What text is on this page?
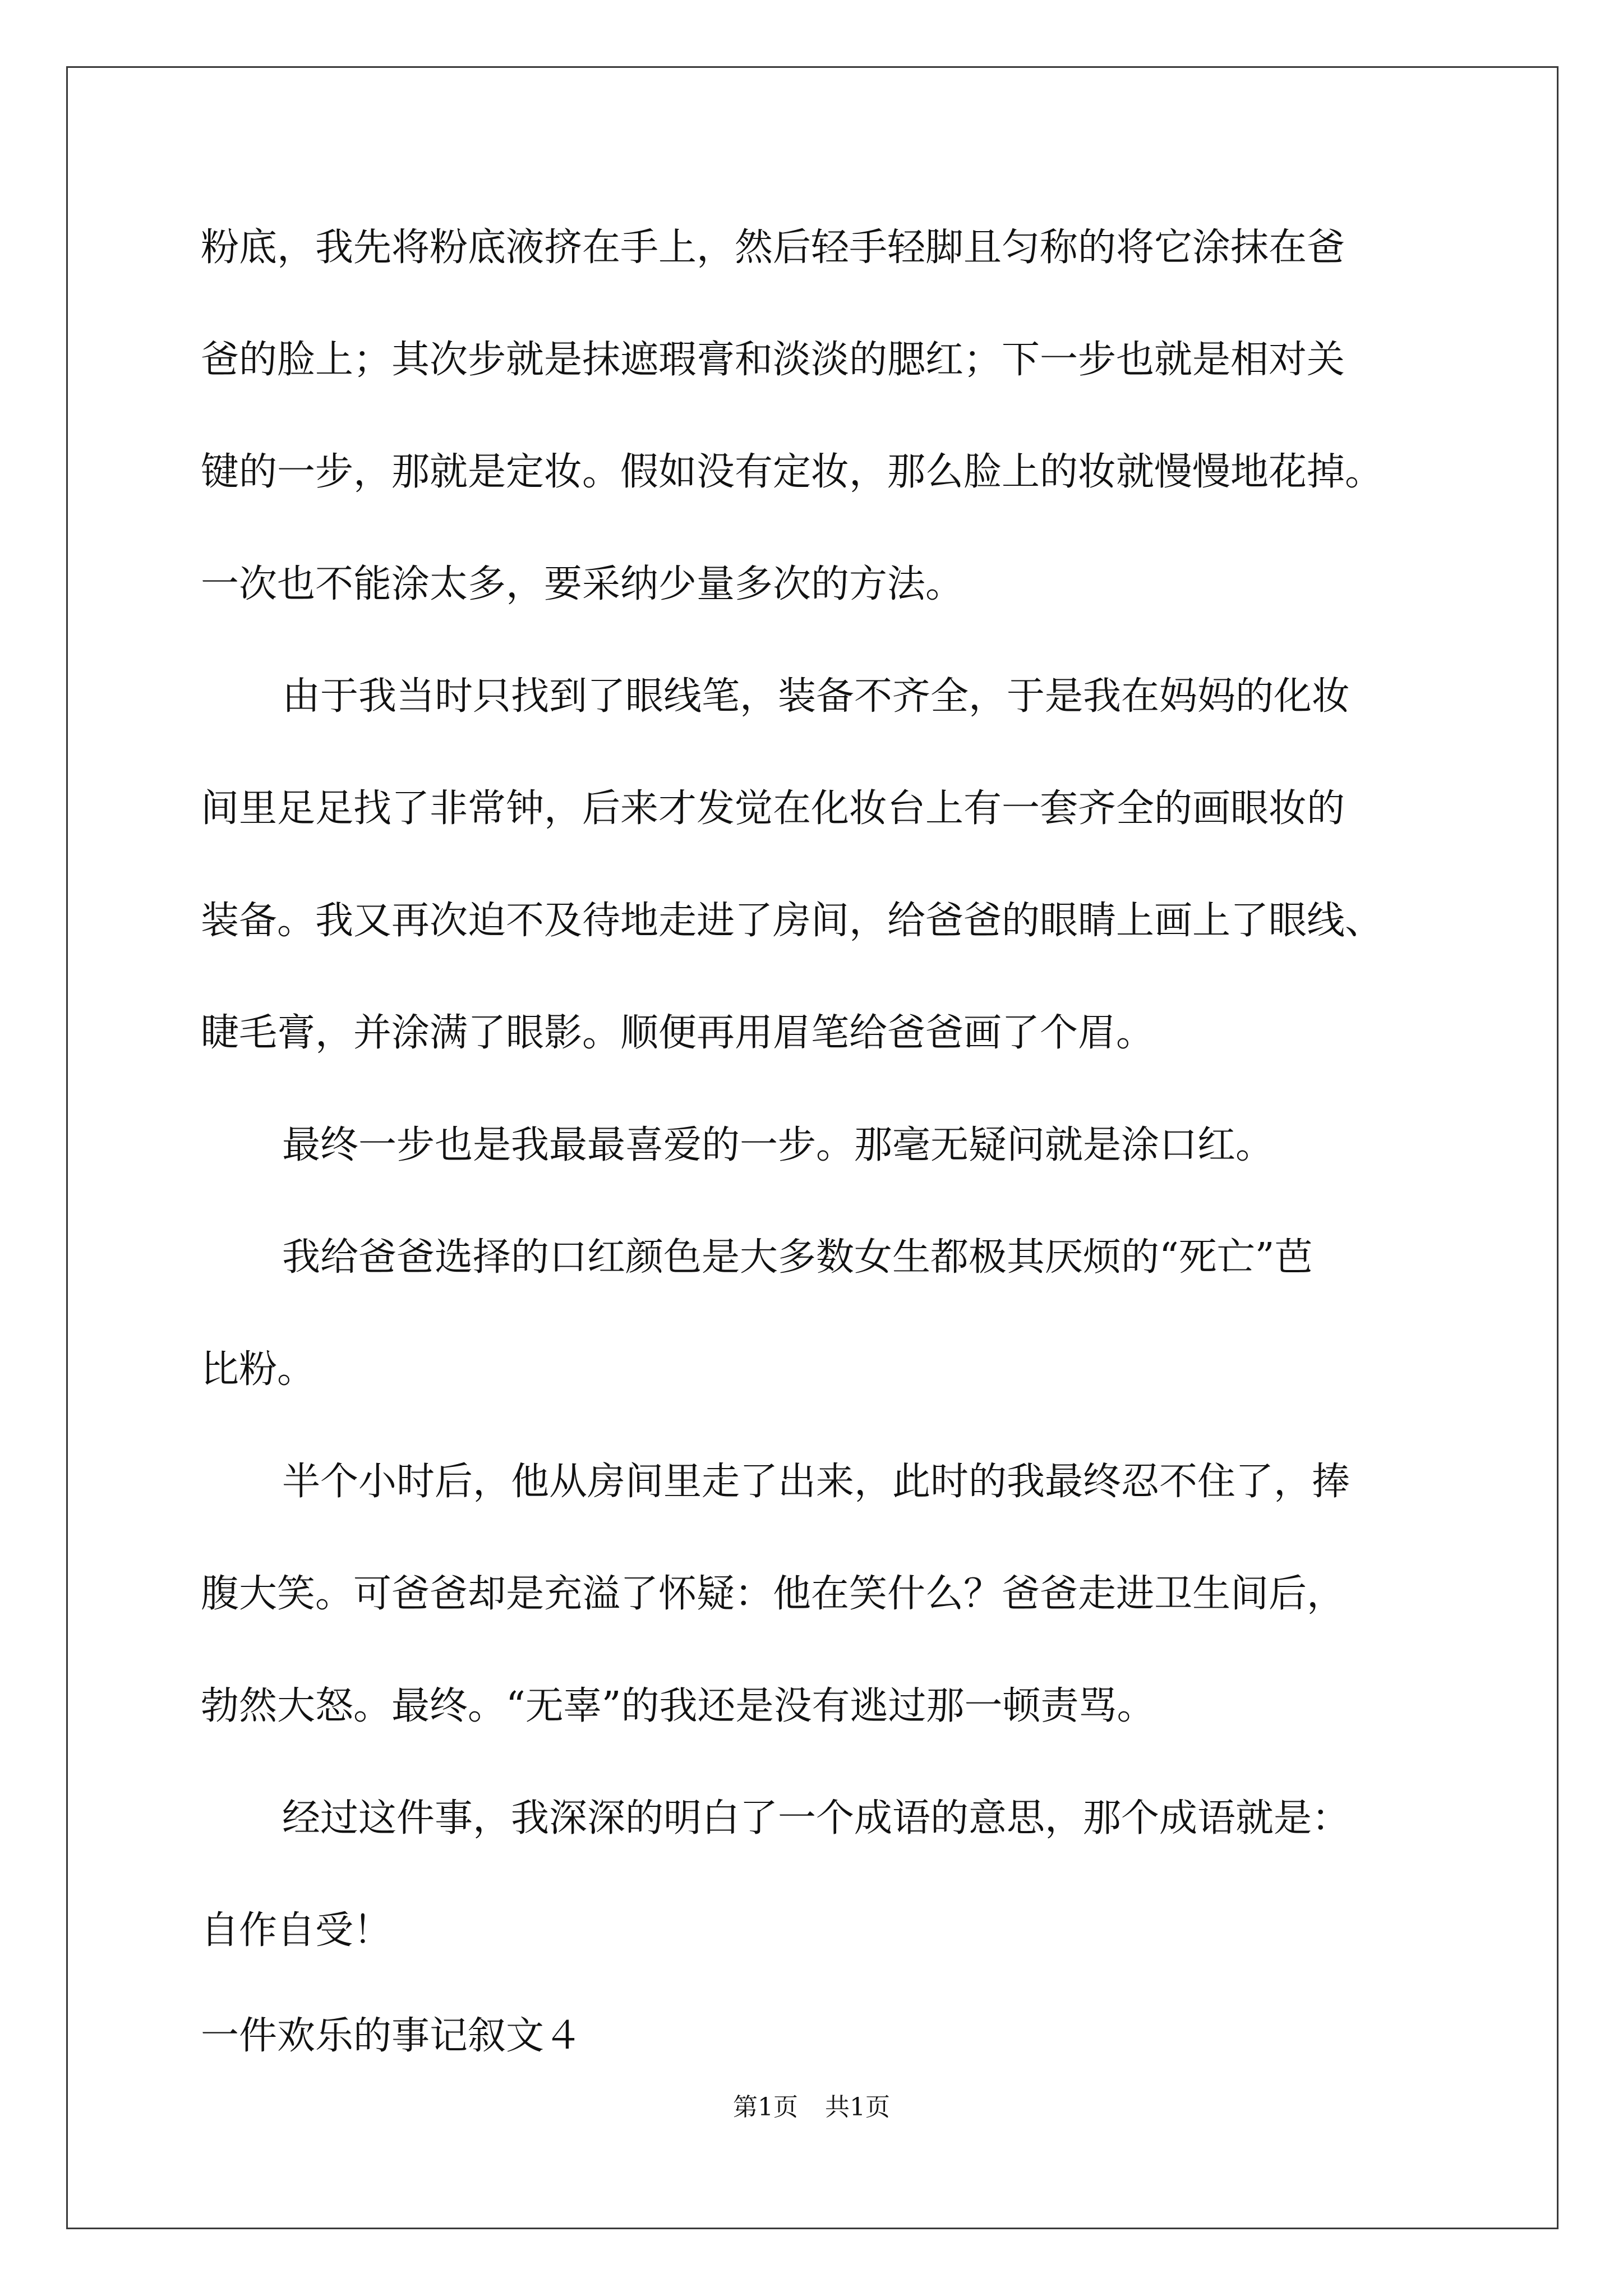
粉底，我先将粉底液挤在手上，然后轻手轻脚且匀称的将它涂抹在爸

爸的脸上；其次步就是抹遮瑕膏和淡淡的腮红；下一步也就是相对关

键的一步，那就是定妆。假如没有定妆，那么脸上的妆就慢慢地花掉。

一次也不能涂太多，要采纳少量多次的方法。

由于我当时只找到了眼线笔，装备不齐全，于是我在妈妈的化妆

间里足足找了非常钟，后来才发觉在化妆台上有一套齐全的画眼妆的

装备。我又再次迫不及待地走进了房间，给爸爸的眼睛上画上了眼线、

睫毛膏，并涂满了眼影。顺便再用眉笔给爸爸画了个眉。

最终一步也是我最最喜爱的一步。那毫无疑问就是涂口红。

我给爸爸选择的口红颜色是大多数女生都极其厌烦的“死亡”芭

比粉。

半个小时后，他从房间里走了出来，此时的我最终忍不住了，捧

腹大笑。可爸爸却是充溢了怀疑：他在笑什么？爸爸走进卫生间后，

勃然大怒。最终。“无辜”的我还是没有逃过那一顿责骂。

经过这件事，我深深的明白了一个成语的意思，那个成语就是：

自作自受！

一件欢乐的事记叙文４

第1页 共1页
